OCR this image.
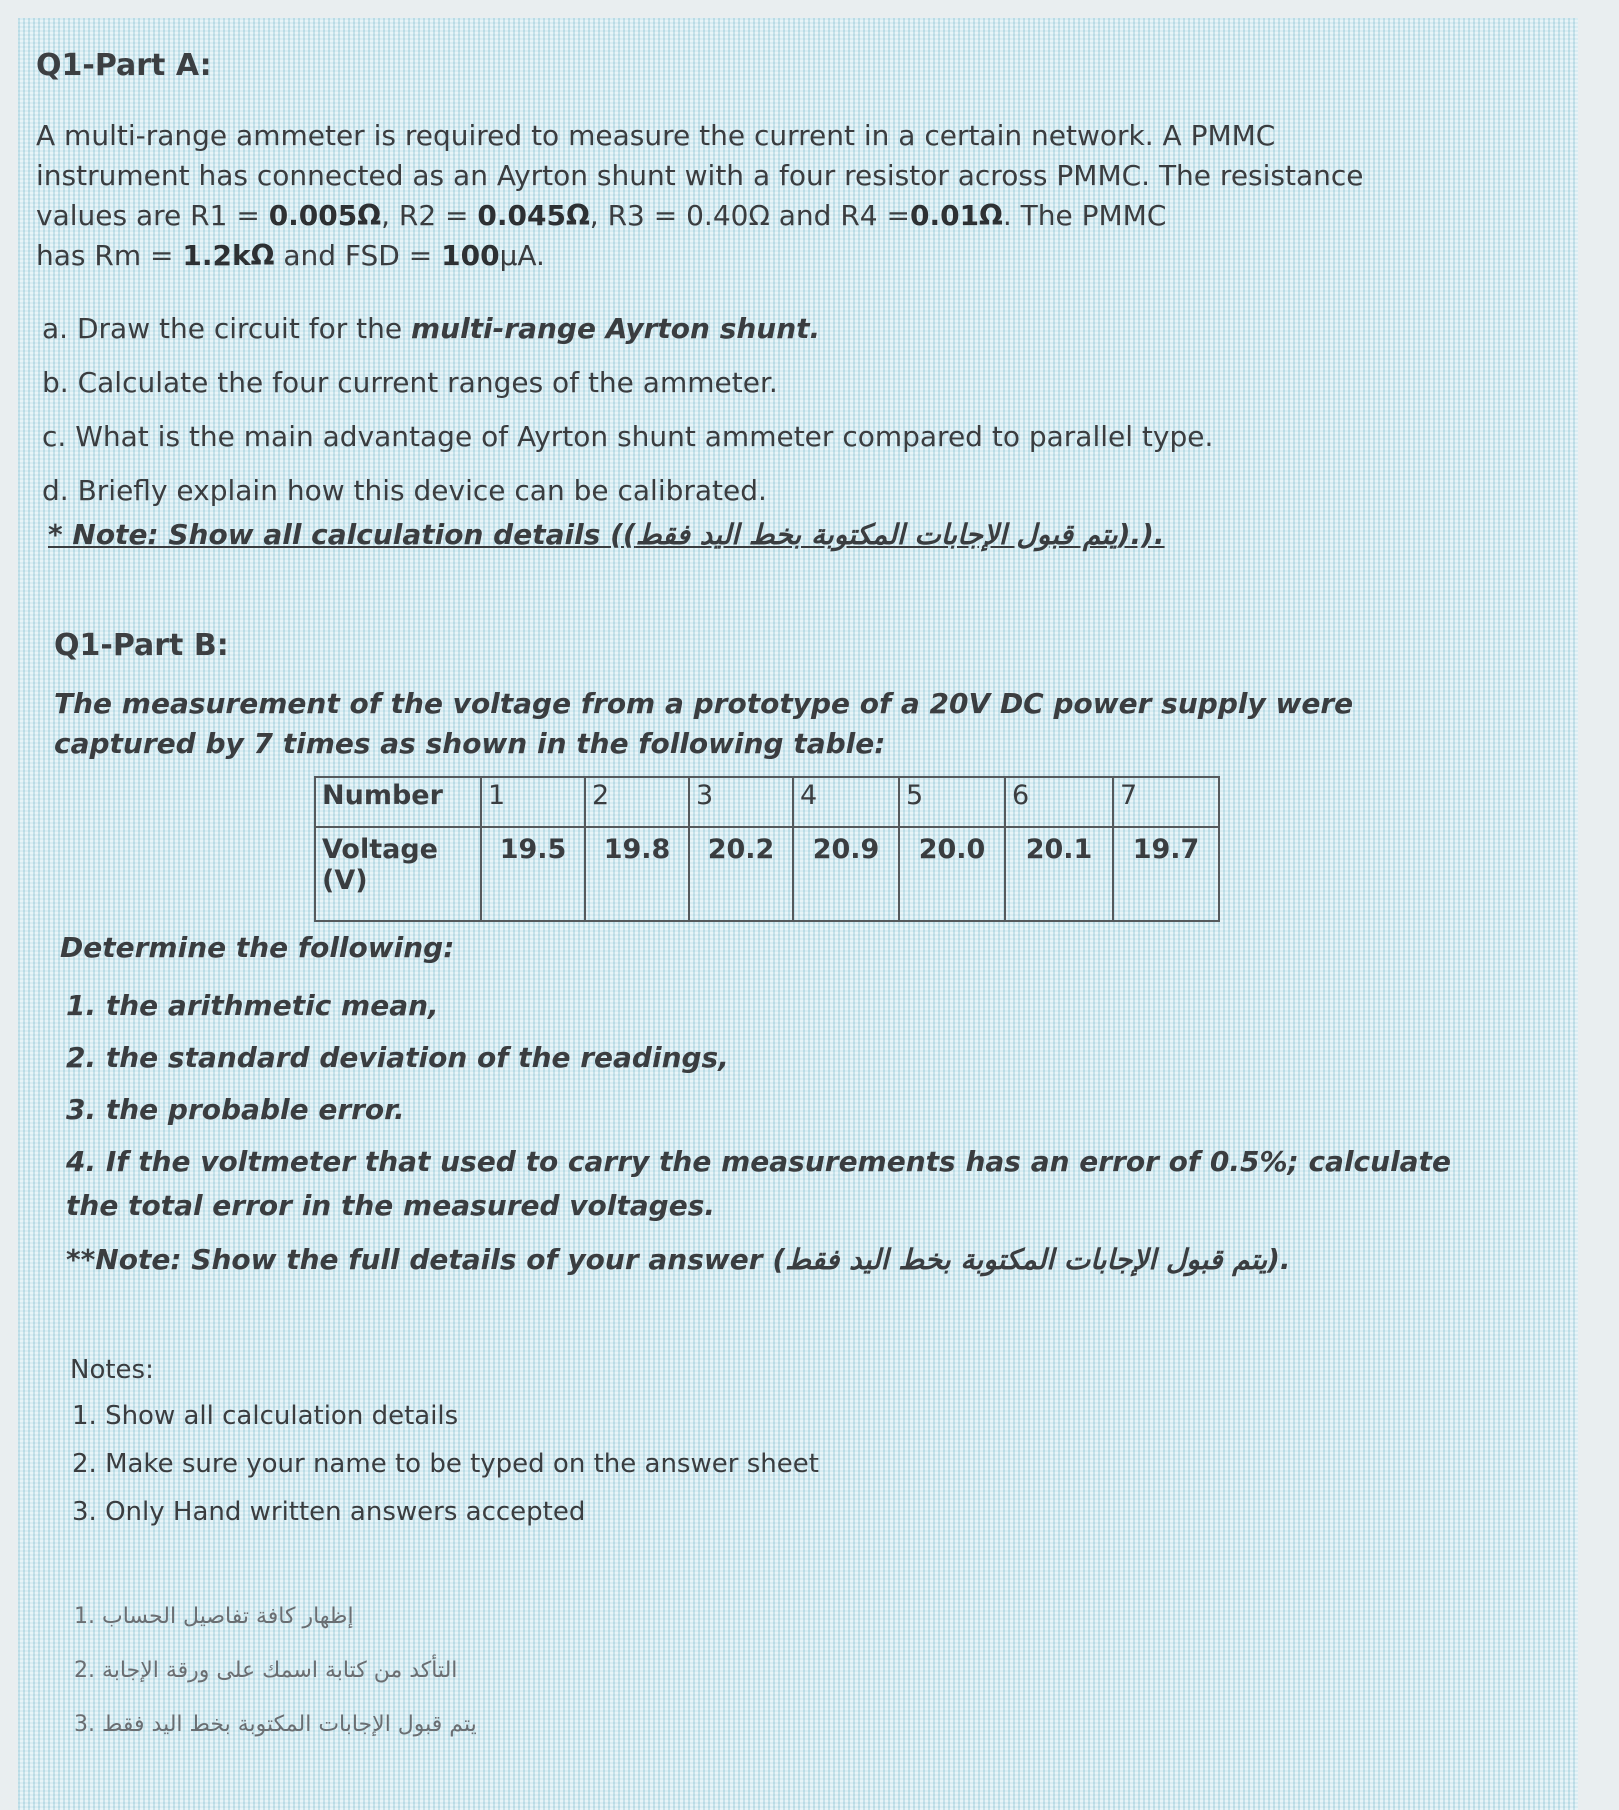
Q1-Part A:

A multi-range ammeter is required to measure the current in a certain network. A PMMC

instrument has connected as an Ayrton shunt with a four resistor across PMMC. The resistance

values are R1 = 0.005Ω, R2 = 0.045Ω, R3 = 0.40Ω and R4 =0.01Ω. The PMMC

has Rm = 1.2kΩ and FSD = 100μA.

a. Draw the circuit for the multi-range Ayrton shunt.
b. Calculate the four current ranges of the ammeter.
c. What is the main advantage of Ayrton shunt ammeter compared to parallel type.
d. Briefly explain how this device can be calibrated.
* Note: Show all calculation details ((يتم قبول الإجابات المكتوبة بخط اليد فقط).).
Q1-Part B:
The measurement of the voltage from a prototype of a 20V DC power supply were
captured by 7 times as shown in the following table:
Number	1	2	3	4	5	6	7
Voltage (V)	19.5	19.8	20.2	20.9	20.0	20.1	19.7
Determine the following:
1. the arithmetic mean,
2. the standard deviation of the readings,
3. the probable error.
4. If the voltmeter that used to carry the measurements has an error of 0.5%; calculate
the total error in the measured voltages.
**Note: Show the full details of your answer (يتم قبول الإجابات المكتوبة بخط اليد فقط).
Notes:
1. Show all calculation details
2. Make sure your name to be typed on the answer sheet
3. Only Hand written answers accepted
1. إظهار كافة تفاصيل الحساب
2. التأكد من كتابة اسمك على ورقة الإجابة
3. يتم قبول الإجابات المكتوبة بخط اليد فقط
